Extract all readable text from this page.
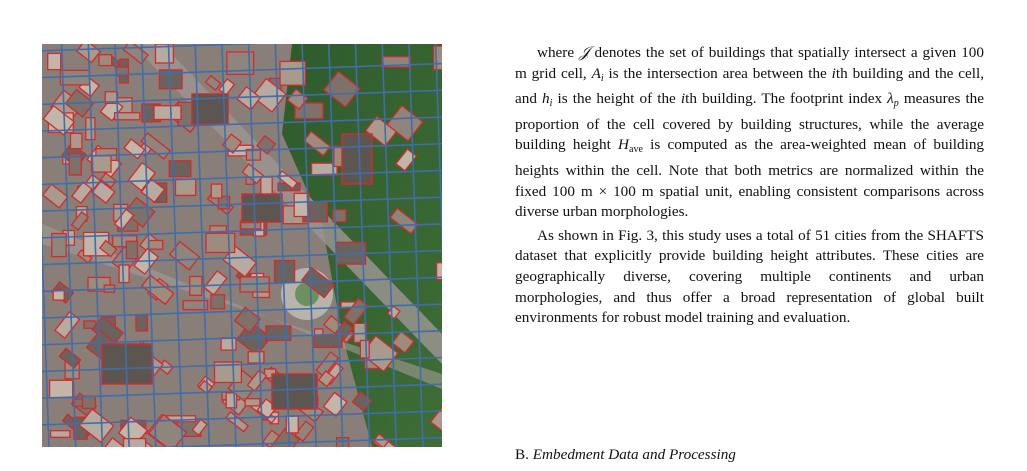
where 𝒥 denotes the set of buildings that spatially intersect a given 100 m grid cell, Ai is the intersection area between the ith building and the cell, and hi is the height of the ith building. The footprint index λp measures the proportion of the cell covered by building structures, while the average building height $H_{ave}$ is computed as the area-weighted mean of building heights within the cell. Note that both metrics are normalized within the fixed 100 m × 100 m spatial unit, enabling consistent comparisons across diverse urban morphologies.

As shown in Fig. 3, this study uses a total of 51 cities from the SHAFTS dataset that explicitly provide building height attributes. These cities are geographically diverse, covering multiple continents and urban morphologies, and thus offer a broad representation of global built environments for robust model training and evaluation.

B. Embedment Data and Processing
